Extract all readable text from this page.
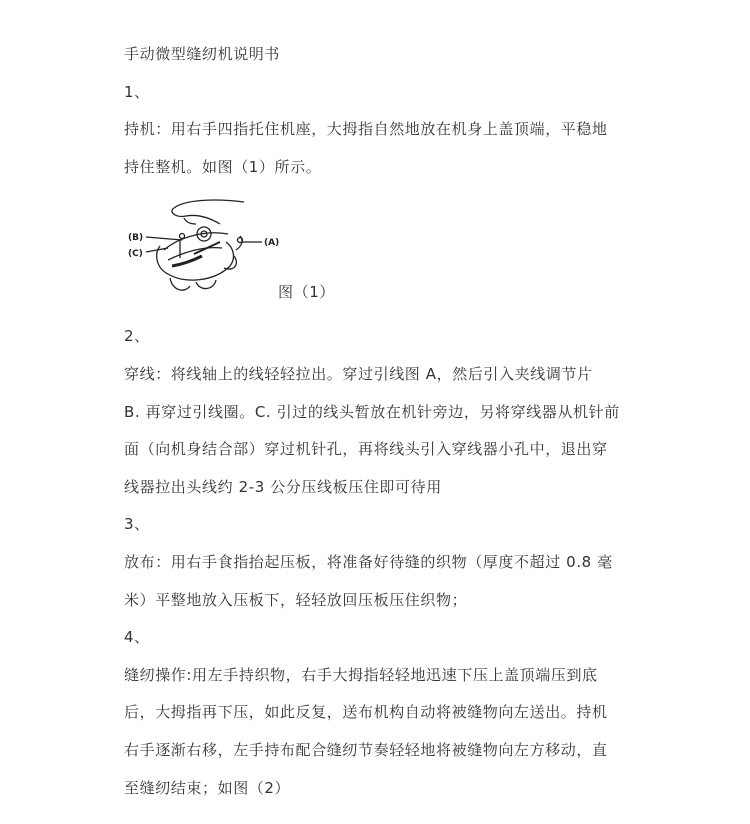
手动微型缝纫机说明书
1、
持机：用右手四指托住机座，大拇指自然地放在机身上盖顶端，平稳地
持住整机。如图（1）所示。
(B)
(C)
(A)
图（1）
2、
穿线：将线轴上的线轻轻拉出。穿过引线图 A，然后引入夹线调节片
B. 再穿过引线圈。C. 引过的线头暂放在机针旁边，另将穿线器从机针前
面（向机身结合部）穿过机针孔，再将线头引入穿线器小孔中，退出穿
线器拉出头线约 2-3 公分压线板压住即可待用
3、
放布：用右手食指抬起压板，将准备好待缝的织物（厚度不超过 0.8 毫
米）平整地放入压板下，轻轻放回压板压住织物；
4、
缝纫操作:用左手持织物，右手大拇指轻轻地迅速下压上盖顶端压到底
后，大拇指再下压，如此反复，送布机构自动将被缝物向左送出。持机
右手逐渐右移，左手持布配合缝纫节奏轻轻地将被缝物向左方移动，直
至缝纫结束；如图（2）
